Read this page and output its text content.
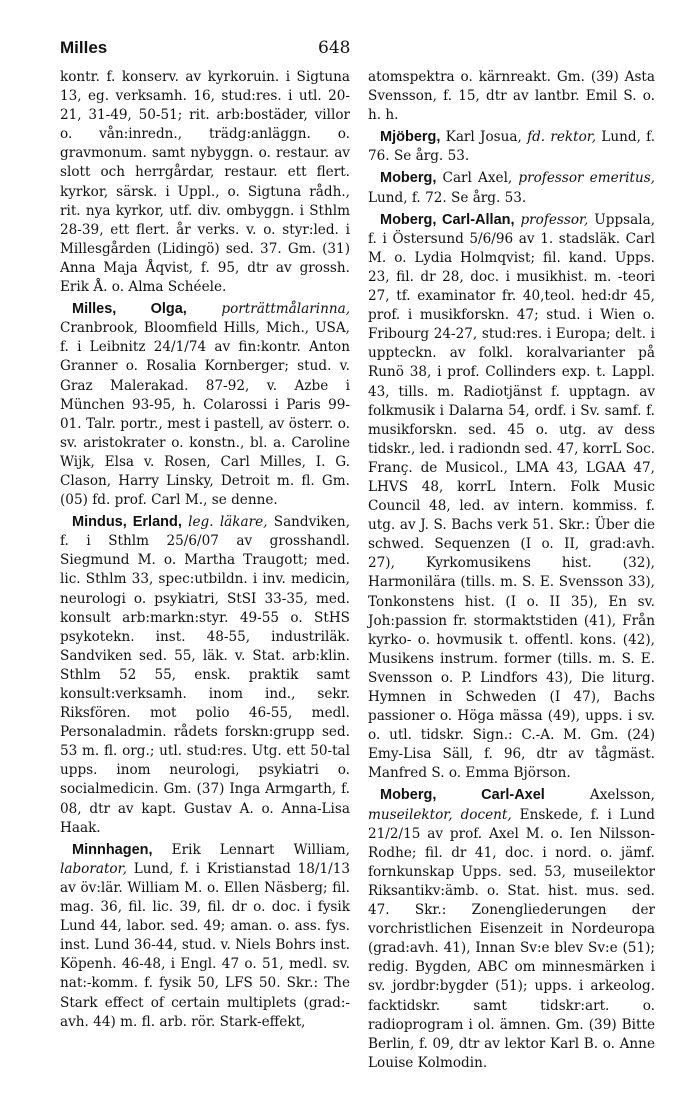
Milles	648

kontr. f. konserv. av kyrkoruin. i Sigtuna 13, eg. verksamh. 16, stud:res. i utl. 20-21, 31-49, 50-51; rit. arb:bostäder, villor o. vån:inredn., trädg:anläggn. o. gravmonum. samt nybyggn. o. restaur. av slott och herrgårdar, restaur. ett flert. kyrkor, särsk. i Uppl., o. Sigtuna rådh., rit. nya kyrkor, utf. div. ombyggn. i Sthlm 28-39, ett flert. år verks. v. o. styr:led. i Millesgården (Lidingö) sed. 37. Gm. (31) Anna Maja Åqvist, f. 95, dtr av grossh. Erik Å. o. Alma Schéele.

Milles, Olga,	porträttmålarinna, Cranbrook, Bloomfield Hills, Mich., USA, f. i Leibnitz 24/1/74 av fin:kontr. Anton Granner o. Rosalia Kornberger; stud. v. Graz Malerakad. 87-92, v. Azbe i München 93-95, h. Colarossi i Paris 99-01. Talr. portr., mest i pastell, av österr. o. sv. aristokrater o. konstn., bl. a. Caroline Wijk, Elsa v. Rosen, Carl Milles, I. G. Clason, Harry Linsky, Detroit m. fl. Gm. (05) fd. prof. Carl M., se denne.

Mindus, Erland, leg. läkare, Sandviken, f. i Sthlm 25/6/07 av grosshandl. Siegmund M. o. Martha Traugott; med. lic. Sthlm 33, spec:utbildn. i inv. medicin, neurologi o. psykiatri, StSI 33-35, med. konsult arb:markn:styr. 49-55 o. StHS psykotekn. inst. 48-55, industriläk. Sandviken sed. 55, läk. v. Stat. arb:klin. Sthlm 52 55, ensk. praktik samt konsult:verksamh. inom ind., sekr. Riksfören. mot polio 46-55, medl. Personaladmin. rådets forskn:grupp sed. 53 m. fl. org.; utl. stud:res. Utg. ett 50-tal upps. inom neurologi, psykiatri o. socialmedicin. Gm. (37) Inga Armgarth, f. 08, dtr av kapt. Gustav A. o. Anna-Lisa Haak.

Minnhagen, Erik Lennart William, laborator, Lund, f. i Kristianstad 18/1/13 av öv:lär. William M. o. Ellen Näsberg; fil. mag. 36, fil. lic. 39, fil. dr o. doc. i fysik Lund 44, labor. sed. 49; aman. o. ass. fys. inst. Lund 36-44, stud. v. Niels Bohrs inst. Köpenh. 46-48, i Engl. 47 o. 51, medl. sv. nat:-komm. f. fysik 50, LFS 50. Skr.: The Stark effect of certain multiplets (grad:-avh. 44) m. fl. arb. rör. Stark-effekt,

atomspektra o. kärnreakt. Gm. (39) Asta Svensson, f. 15, dtr av lantbr. Emil S. o. h. h.

Mjöberg, Karl Josua, fd. rektor, Lund, f. 76. Se årg. 53.

Moberg, Carl Axel, professor emeritus, Lund, f. 72. Se årg. 53.

Moberg, Carl-Allan, professor, Uppsala, f. i Östersund 5/6/96 av 1. stadsläk. Carl M. o. Lydia Holmqvist; fil. kand. Upps. 23, fil. dr 28, doc. i musikhist. m. -teori 27, tf. examinator fr. 40,teol. hed:dr 45, prof. i musikforskn. 47; stud. i Wien o. Fribourg 24-27, stud:res. i Europa; delt. i uppteckn. av folkl. koralvarianter på Runö 38, i prof. Collinders exp. t. Lappl. 43, tills. m. Radiotjänst f. upptagn. av folkmusik i Dalarna 54, ordf. i Sv. samf. f. musikforskn. sed. 45 o. utg. av dess tidskr., led. i radiondn sed. 47, korrL Soc. Franç. de Musicol., LMA 43, LGAA 47, LHVS 48, korrL Intern. Folk Music Council 48, led. av intern. kommiss. f. utg. av J. S. Bachs verk 51. Skr.: Über die schwed. Sequenzen (I o. II, grad:avh. 27), Kyrkomusikens hist. (32), Harmonilära (tills. m. S. E. Svensson 33), Tonkonstens hist. (I o. II 35), En sv. Joh:passion fr. stormaktstiden (41), Från kyrko- o. hovmusik t. offentl. kons. (42), Musikens instrum. former (tills. m. S. E. Svensson o. P. Lindfors 43), Die liturg. Hymnen in Schweden (I 47), Bachs passioner o. Höga mässa (49), upps. i sv. o. utl. tidskr. Sign.: C.-A. M. Gm. (24) Emy-Lisa Säll, f. 96, dtr av tågmäst. Manfred S. o. Emma Björson.

Moberg, Carl-Axel	Axelsson, museilektor, docent, Enskede, f. i Lund 21/2/15 av prof. Axel M. o. Ien Nilsson-Rodhe; fil. dr 41, doc. i nord. o. jämf. fornkunskap Upps. sed. 53, museilektor Riksantikv:ämb. o. Stat. hist. mus. sed. 47. Skr.: Zonengliederungen der vorchristlichen Eisenzeit in Nordeuropa (grad:avh. 41), Innan Sv:e blev Sv:e (51); redig. Bygden, ABC om minnesmärken i sv. jordbr:bygder (51); upps. i arkeolog. facktidskr. samt tidskr:art. o. radioprogram i ol. ämnen. Gm. (39) Bitte Berlin, f. 09, dtr av lektor Karl B. o. Anne Louise Kolmodin.
